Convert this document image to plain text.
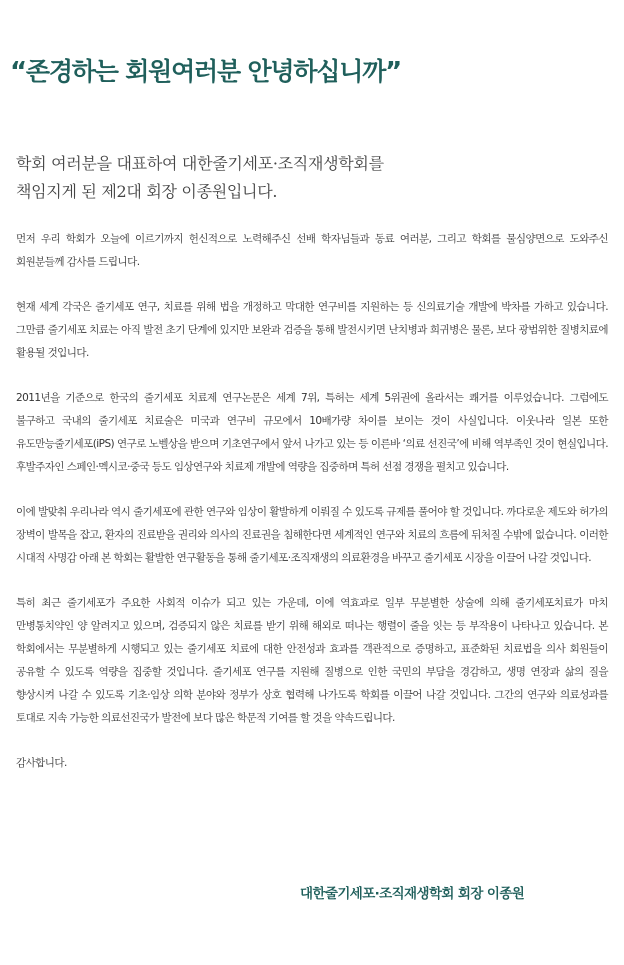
“존경하는 회원여러분 안녕하십니까”

학회 여러분을 대표하여 대한줄기세포·조직재생학회를
책임지게 된 제2대 회장 이종원입니다.

먼저 우리 학회가 오늘에 이르기까지 헌신적으로 노력해주신 선배 학자님들과 동료 여러분, 그리고 학회를 물심양면으로 도와주신 회원분들께 감사를 드립니다.

현재 세계 각국은 줄기세포 연구, 치료를 위해 법을 개정하고 막대한 연구비를 지원하는 등 신의료기술 개발에 박차를 가하고 있습니다. 그만큼 줄기세포 치료는 아직 발전 초기 단계에 있지만 보완과 검증을 통해 발전시키면 난치병과 희귀병은 물론, 보다 광범위한 질병치료에 활용될 것입니다.

2011년을 기준으로 한국의 줄기세포 치료제 연구논문은 세계 7위, 특허는 세계 5위권에 올라서는 쾌거를 이루었습니다. 그럼에도 불구하고 국내의 줄기세포 치료술은 미국과 연구비 규모에서 10배가량 차이를 보이는 것이 사실입니다. 이웃나라 일본 또한 유도만능줄기세포(iPS) 연구로 노벨상을 받으며 기초연구에서 앞서 나가고 있는 등 이른바 ‘의료 선진국’에 비해 역부족인 것이 현실입니다. 후발주자인 스페인·멕시코·중국 등도 임상연구와 치료제 개발에 역량을 집중하며 특허 선점 경쟁을 펼치고 있습니다.

이에 발맞춰 우리나라 역시 줄기세포에 관한 연구와 임상이 활발하게 이뤄질 수 있도록 규제를 풀어야 할 것입니다. 까다로운 제도와 허가의 장벽이 발목을 잡고, 환자의 진료받을 권리와 의사의 진료권을 침해한다면 세계적인 연구와 치료의 흐름에 뒤처질 수밖에 없습니다. 이러한 시대적 사명감 아래 본 학회는 활발한 연구활동을 통해 줄기세포·조직재생의 의료환경을 바꾸고 줄기세포 시장을 이끌어 나갈 것입니다.

특히 최근 줄기세포가 주요한 사회적 이슈가 되고 있는 가운데, 이에 역효과로 일부 무분별한 상술에 의해 줄기세포치료가 마치 만병통치약인 양 알려지고 있으며, 검증되지 않은 치료를 받기 위해 해외로 떠나는 행렬이 줄을 잇는 등 부작용이 나타나고 있습니다. 본 학회에서는 무분별하게 시행되고 있는 줄기세포 치료에 대한 안전성과 효과를 객관적으로 증명하고, 표준화된 치료법을 의사 회원들이 공유할 수 있도록 역량을 집중할 것입니다. 줄기세포 연구를 지원해 질병으로 인한 국민의 부담을 경감하고, 생명 연장과 삶의 질을 향상시켜 나갈 수 있도록 기초·임상 의학 분야와 정부가 상호 협력해 나가도록 학회를 이끌어 나갈 것입니다. 그간의 연구와 의료성과를 토대로 지속 가능한 의료선진국가 발전에 보다 많은 학문적 기여를 할 것을 약속드립니다.

감사합니다.

대한줄기세포·조직재생학회 회장 이종원
